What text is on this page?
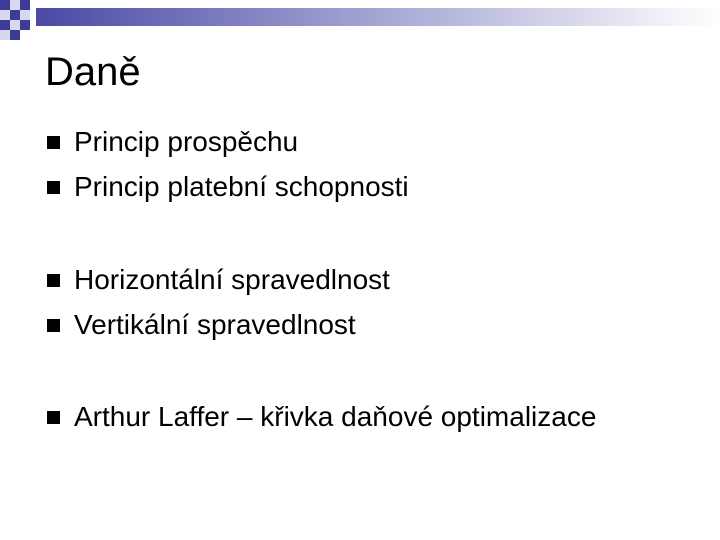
Daně
Princip prospěchu
Princip platební schopnosti
Horizontální spravedlnost
Vertikální spravedlnost
Arthur Laffer – křivka daňové optimalizace
